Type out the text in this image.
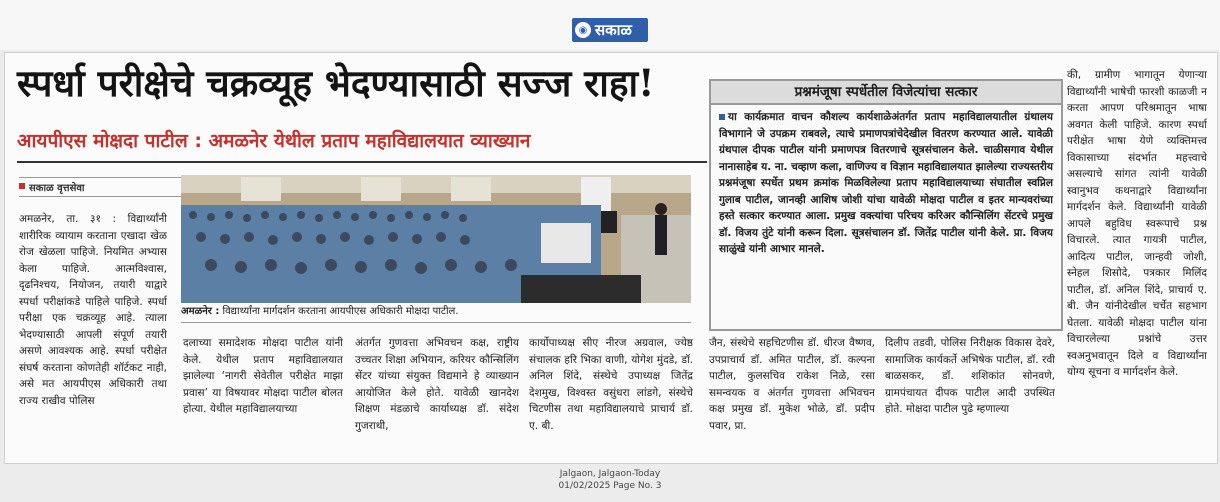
◉ सकाळ
स्पर्धा परीक्षेचे चक्रव्यूह भेदण्यासाठी सज्ज राहा!
आयपीएस मोक्षदा पाटील : अमळनेर येथील प्रताप महाविद्यालयात व्याख्यान
सकाळ वृत्तसेवा

अमळनेर, ता. ३१ : विद्यार्थ्यांनी शारीरिक व्यायाम करताना एखादा खेळ रोज खेळला पाहिजे. नियमित अभ्यास केला पाहिजे. आत्मविश्‍वास, दृढनिश्‍चय, नियोजन, तयारी याद्वारे स्पर्धा परीक्षांकडे पाहिले पाहिजे. स्पर्धा परीक्षा एक चक्रव्यूह आहे. त्याला भेदण्यासाठी आपली संपूर्ण तयारी असणे आवश्यक आहे. स्पर्धा परीक्षेत संघर्ष करताना कोणतेही शॉर्टकट नाही, असे मत आयपीएस अधिकारी तथा राज्य राखीव पोलिस

अमळनेर : विद्यार्थ्यांना मार्गदर्शन करताना आयपीएस अधिकारी मोक्षदा पाटील.

दलाच्या समादेशक मोक्षदा पाटील यांनी केले. येथील प्रताप महाविद्यालयात झालेल्या ‘नागरी सेवेतील परीक्षेत माझा प्रवास’ या विषयावर मोक्षदा पाटील बोलत होत्या. येथील महाविद्यालयाच्या

अंतर्गत गुणवत्ता अभिवचन कक्ष, राष्ट्रीय उच्चतर शिक्षा अभियान, करियर कौन्सिलिंग सेंटर यांच्या संयुक्त विद्यमाने हे व्याख्यान आयोजित केले होते. यावेळी खानदेश शिक्षण मंडळाचे कार्याध्यक्ष डॉ. संदेश गुजराथी,

कार्योपाध्यक्ष सीए नीरज अग्रवाल, ज्येष्ठ संचालक हरि भिका वाणी, योगेश मुंदडे, डॉ. अनिल शिंदे, संस्थेचे उपाध्यक्ष जितेंद्र देशमुख, विश्‍वस्त वसुंधरा लांडगे, संस्थेचे चिटणीस तथा महाविद्यालयाचे प्राचार्य डॉ. ए. बी.

प्रश्नमंजूषा स्पर्धेतील विजेत्यांचा सत्कार
या कार्यक्रमात वाचन कौशल्य कार्यशाळेअंतर्गत प्रताप महाविद्यालयातील ग्रंथालय विभागाने जे उपक्रम राबवले, त्याचे प्रमाणपत्रांचेदेखील वितरण करण्यात आले. यावेळी ग्रंथपाल दीपक पाटील यांनी प्रमाणपत्र वितरणाचे सूत्रसंचालन केले. चाळीसगाव येथील नानासाहेब य. ना. चव्हाण कला, वाणिज्य व विज्ञान महाविद्यालयात झालेल्या राज्यस्तरीय प्रश्नमंजूषा स्पर्धेत प्रथम क्रमांक मिळविलेल्या प्रताप महाविद्यालयाच्या संघातील स्वप्निल गुलाब पाटील, जानव्ही आशिष जोशी यांचा यावेळी मोक्षदा पाटील व इतर मान्यवरांच्या हस्ते सत्कार करण्यात आला. प्रमुख वक्त्यांचा परिचय करिअर कौन्सिलिंग सेंटरचे प्रमुख डॉ. विजय तुंटे यांनी करून दिला. सूत्रसंचालन डॉ. जितेंद्र पाटील यांनी केले. प्रा. विजय साळुंखे यांनी आभार मानले.

जैन, संस्थेचे सहचिटणीस डॉ. धीरज वैष्णव, उपप्राचार्य डॉ. अमित पाटील, डॉ. कल्पना पाटील, कुलसचिव राकेश निळे, रसा समन्वयक व अंतर्गत गुणवत्ता अभिवचन कक्ष प्रमुख डॉ. मुकेश भोळे, डॉ. प्रदीप पवार, प्रा.

दिलीप तडवी, पोलिस निरीक्षक विकास देवरे, सामाजिक कार्यकर्ते अभिषेक पाटील, डॉ. रवी बाळसकर, डॉ. शशिकांत सोनवणे, ग्रामपंचायत दीपक पाटील आदी उपस्थित होते. मोक्षदा पाटील पुढे म्हणाल्या

की, ग्रामीण भागातून येणाऱ्या विद्यार्थ्यांनी भाषेची फारशी काळजी न करता आपण परिश्रमातून भाषा अवगत केली पाहिजे. कारण स्पर्धा परीक्षेत भाषा येणे व्यक्तिमत्त्व विकासाच्या संदर्भात महत्त्वाचे असल्याचे सांगत त्यांनी यावेळी स्वानुभव कथनाद्वारे विद्यार्थ्यांना मार्गदर्शन केले. विद्यार्थ्यांनी यावेळी आपले बहुविध स्वरूपाचे प्रश्न विचारले. त्यात गायत्री पाटील, आदित्य पाटील, जान्हवी जोशी, स्नेहल शिसोदे, पत्रकार मिलिंद पाटील, डॉ. अनिल शिंदे, प्राचार्य ए. बी. जैन यांनीदेखील चर्चेत सहभाग घेतला. यावेळी मोक्षदा पाटील यांना विचारलेल्या प्रश्नांचे उत्तर स्वअनुभवातून दिले व विद्यार्थ्यांना योग्य सूचना व मार्गदर्शन केले.

Jalgaon, Jalgaon-Today
01/02/2025 Page No. 3
